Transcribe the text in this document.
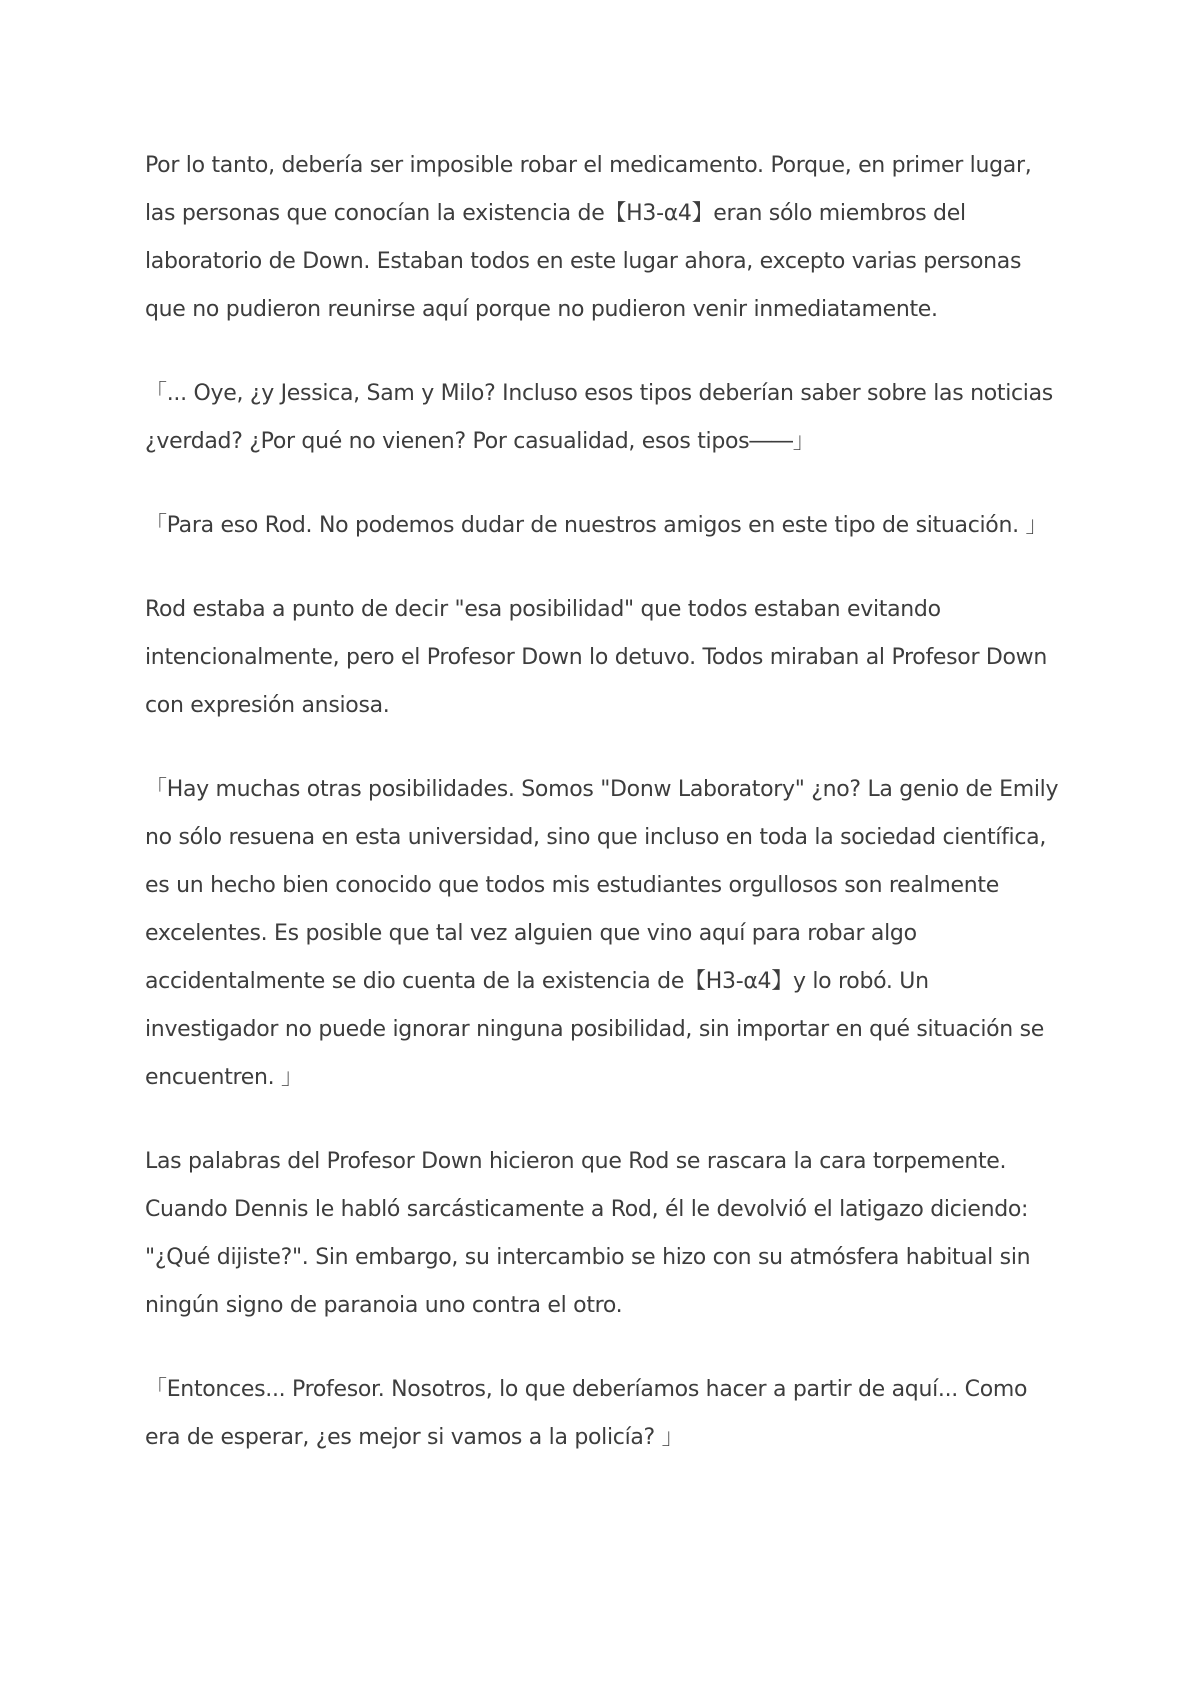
Por lo tanto, debería ser imposible robar el medicamento. Porque, en primer lugar, las personas que conocían la existencia de【H3-α4】eran sólo miembros del laboratorio de Down. Estaban todos en este lugar ahora, excepto varias personas que no pudieron reunirse aquí porque no pudieron venir inmediatamente.

「... Oye, ¿y Jessica, Sam y Milo? Incluso esos tipos deberían saber sobre las noticias ¿verdad? ¿Por qué no vienen? Por casualidad, esos tipos――」

「Para eso Rod. No podemos dudar de nuestros amigos en este tipo de situación. 」

Rod estaba a punto de decir "esa posibilidad" que todos estaban evitando intencionalmente, pero el Profesor Down lo detuvo. Todos miraban al Profesor Down con expresión ansiosa.

「Hay muchas otras posibilidades. Somos "Donw Laboratory" ¿no? La genio de Emily no sólo resuena en esta universidad, sino que incluso en toda la sociedad científica, es un hecho bien conocido que todos mis estudiantes orgullosos son realmente excelentes. Es posible que tal vez alguien que vino aquí para robar algo accidentalmente se dio cuenta de la existencia de【H3-α4】y lo robó. Un investigador no puede ignorar ninguna posibilidad, sin importar en qué situación se encuentren. 」

Las palabras del Profesor Down hicieron que Rod se rascara la cara torpemente. Cuando Dennis le habló sarcásticamente a Rod, él le devolvió el latigazo diciendo: "¿Qué dijiste?". Sin embargo, su intercambio se hizo con su atmósfera habitual sin ningún signo de paranoia uno contra el otro.

「Entonces... Profesor. Nosotros, lo que deberíamos hacer a partir de aquí... Como era de esperar, ¿es mejor si vamos a la policía? 」
